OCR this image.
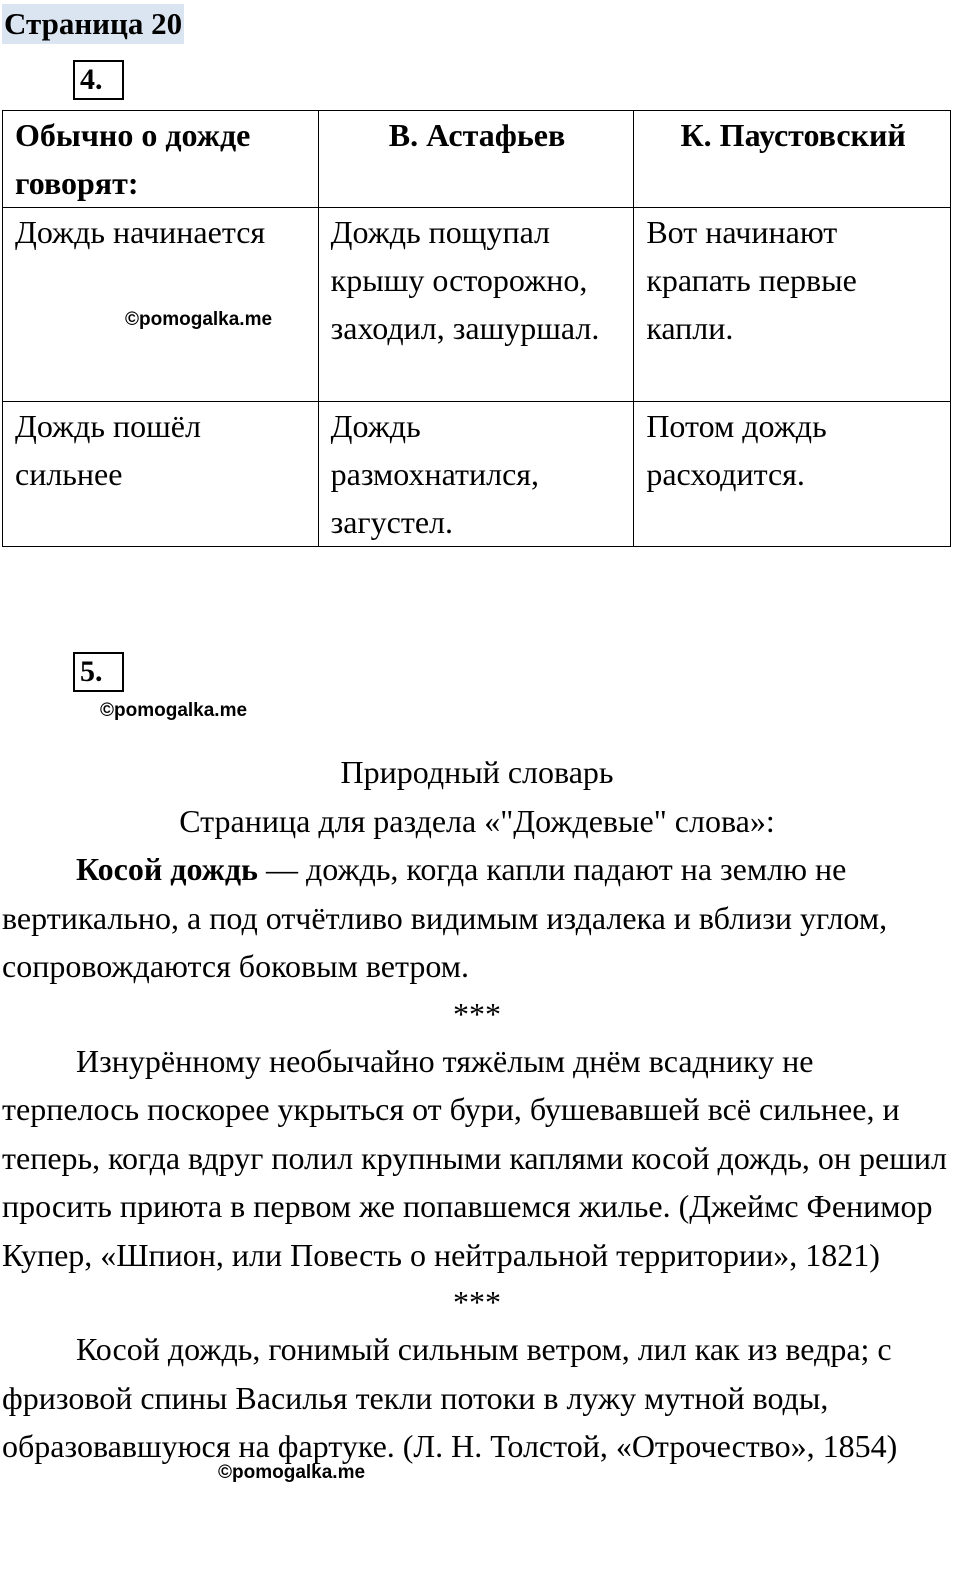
Страница 20
4.
Обычно о дожде говорят:	В. Астафьев	К. Паустовский
Дождь начинается	Дождь пощупал крышу осторожно, заходил, зашуршал.	Вот начинают крапать первые капли.
Дождь пошёл сильнее	Дождь размохнатился, загустел.	Потом дождь расходится.
©pomogalka.me
5.
©pomogalka.me
Природный словарь
Страница для раздела «"Дождевые" слова»:

Косой дождь — дождь, когда капли падают на землю не вертикально, а под отчётливо видимым издалека и вблизи углом, сопровождаются боковым ветром.

***

Изнурённому необычайно тяжёлым днём всаднику не терпелось поскорее укрыться от бури, бушевавшей всё сильнее, и теперь, когда вдруг полил крупными каплями косой дождь, он решил просить приюта в первом же попавшемся жилье. (Джеймс Фенимор Купер, «Шпион, или Повесть о нейтральной территории», 1821)

***

Косой дождь, гонимый сильным ветром, лил как из ведра; с фризовой спины Василья текли потоки в лужу мутной воды, образовавшуюся на фартуке. (Л. Н. Толстой, «Отрочество», 1854)

©pomogalka.me
